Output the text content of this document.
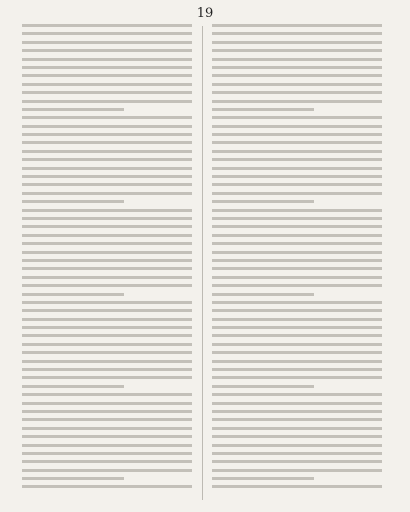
19
